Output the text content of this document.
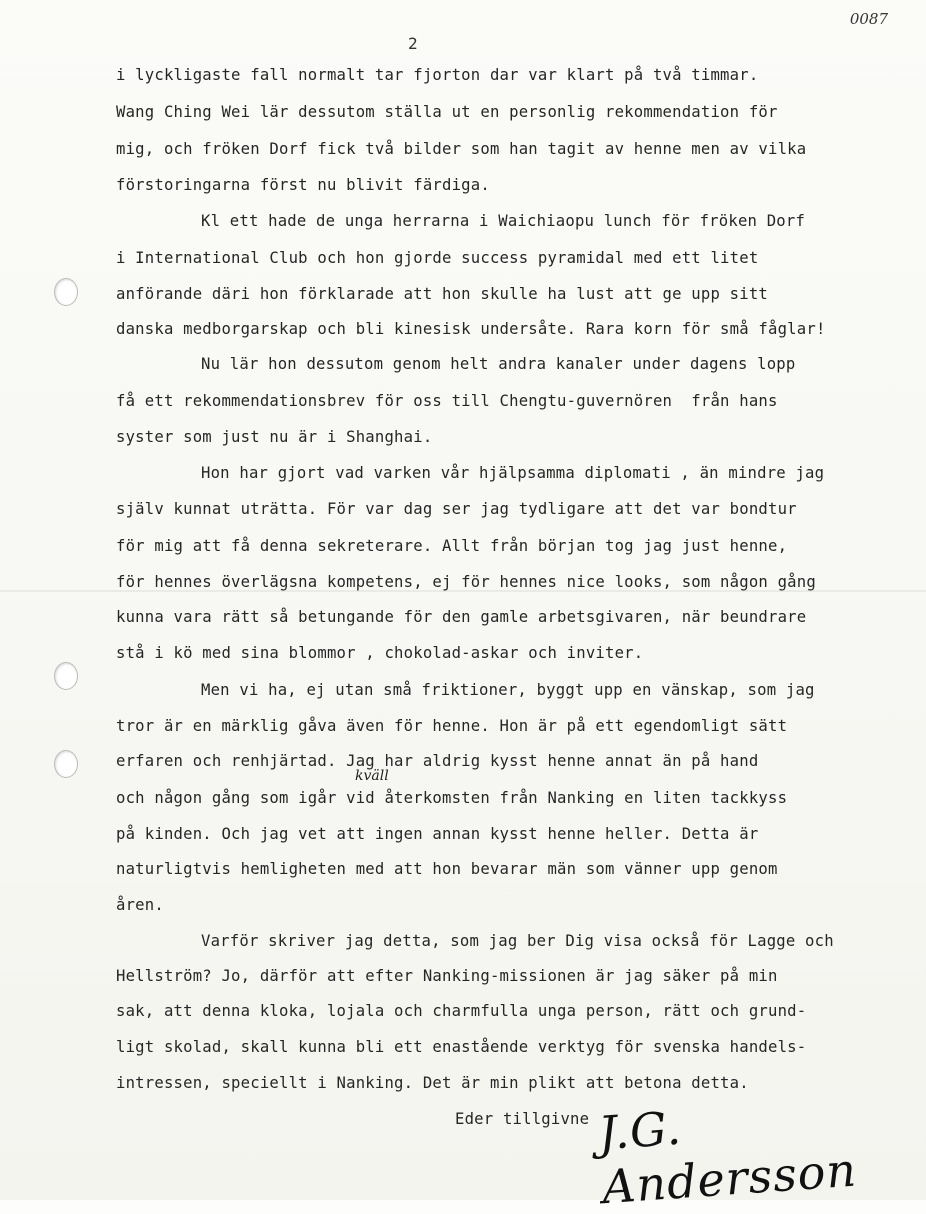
0087
2

i lyckligaste fall normalt tar fjorton dar var klart på två timmar.
Wang Ching Wei lär dessutom ställa ut en personlig rekommendation för
mig, och fröken Dorf fick två bilder som han tagit av henne men av vilka
förstoringarna först nu blivit färdiga.
Kl ett hade de unga herrarna i Waichiaopu lunch för fröken Dorf
i International Club och hon gjorde success pyramidal med ett litet
anförande däri hon förklarade att hon skulle ha lust att ge upp sitt
danska medborgarskap och bli kinesisk undersåte. Rara korn för små fåglar!
Nu lär hon dessutom genom helt andra kanaler under dagens lopp
få ett rekommendationsbrev för oss till Chengtu-guvernören  från hans
syster som just nu är i Shanghai.
Hon har gjort vad varken vår hjälpsamma diplomati , än mindre jag
själv kunnat uträtta. För var dag ser jag tydligare att det var bondtur
för mig att få denna sekreterare. Allt från början tog jag just henne,
för hennes överlägsna kompetens, ej för hennes nice looks, som någon gång
kunna vara rätt så betungande för den gamle arbetsgivaren, när beundrare
stå i kö med sina blommor , chokolad-askar och inviter.
Men vi ha, ej utan små friktioner, byggt upp en vänskap, som jag
tror är en märklig gåva även för henne. Hon är på ett egendomligt sätt
erfaren och renhjärtad. Jag har aldrig kysst henne annat än på hand
kväll
och någon gång som igår vid återkomsten från Nanking en liten tackkyss
på kinden. Och jag vet att ingen annan kysst henne heller. Detta är
naturligtvis hemligheten med att hon bevarar män som vänner upp genom
åren.
Varför skriver jag detta, som jag ber Dig visa också för Lagge och
Hellström? Jo, därför att efter Nanking-missionen är jag säker på min
sak, att denna kloka, lojala och charmfulla unga person, rätt och grund-
ligt skolad, skall kunna bli ett enastående verktyg för svenska handels-
intressen, speciellt i Nanking. Det är min plikt att betona detta.
Eder tillgivne J.G. Andersson
